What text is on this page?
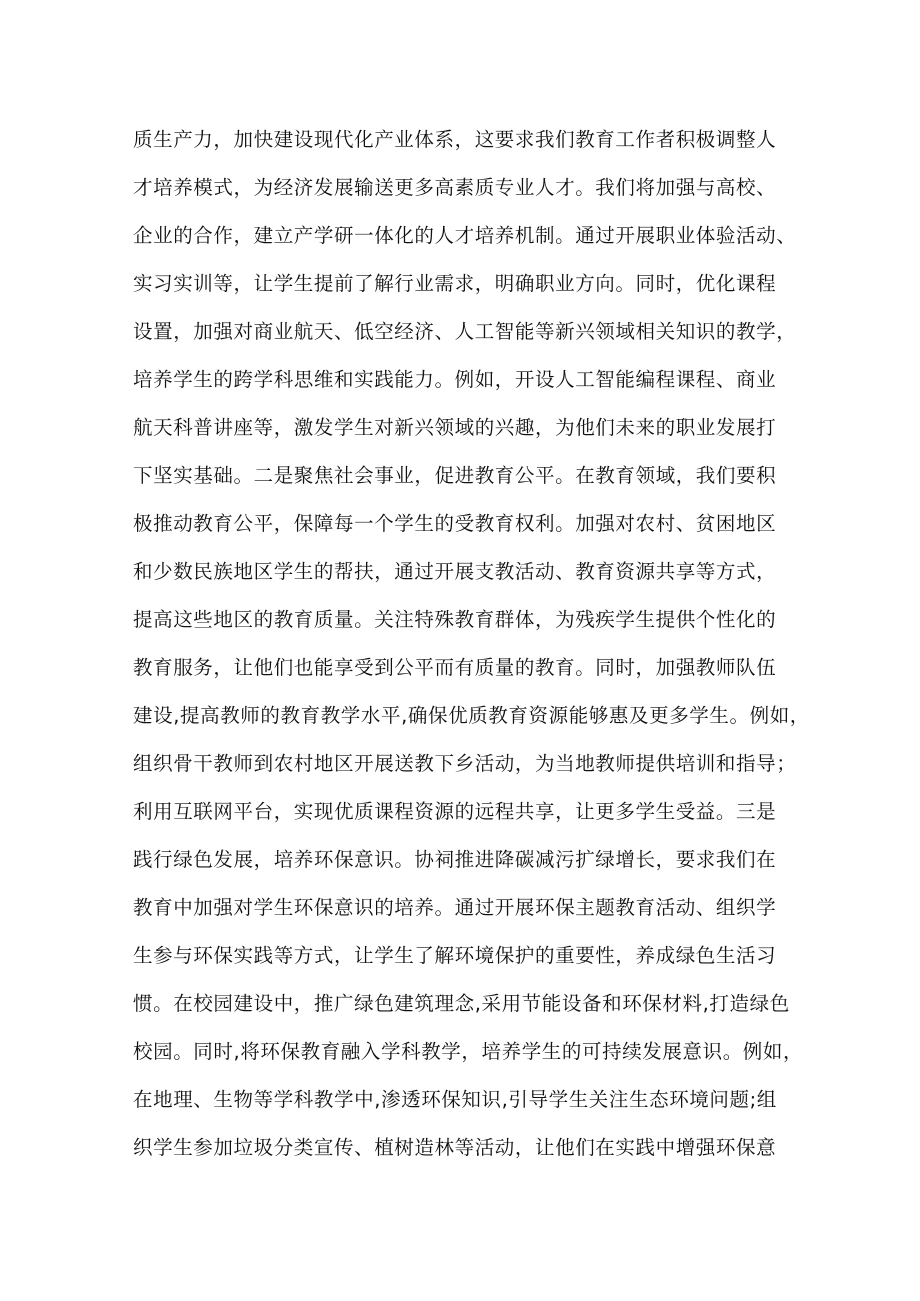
质生产力，加快建设现代化产业体系，这要求我们教育工作者积极调整人
才培养模式，为经济发展输送更多高素质专业人才。我们将加强与高校、
企业的合作，建立产学研一体化的人才培养机制。通过开展职业体验活动、
实习实训等，让学生提前了解行业需求，明确职业方向。同时，优化课程
设置，加强对商业航天、低空经济、人工智能等新兴领域相关知识的教学，
培养学生的跨学科思维和实践能力。例如，开设人工智能编程课程、商业
航天科普讲座等，激发学生对新兴领域的兴趣，为他们未来的职业发展打
下坚实基础。二是聚焦社会事业，促进教育公平。在教育领域，我们要积
极推动教育公平，保障每一个学生的受教育权利。加强对农村、贫困地区
和少数民族地区学生的帮扶，通过开展支教活动、教育资源共享等方式，
提高这些地区的教育质量。关注特殊教育群体，为残疾学生提供个性化的
教育服务，让他们也能享受到公平而有质量的教育。同时，加强教师队伍
建设,提高教师的教育教学水平,确保优质教育资源能够惠及更多学生。例如，
组织骨干教师到农村地区开展送教下乡活动，为当地教师提供培训和指导；
利用互联网平台，实现优质课程资源的远程共享，让更多学生受益。三是
践行绿色发展，培养环保意识。协祠推进降碳减污扩绿增长，要求我们在
教育中加强对学生环保意识的培养。通过开展环保主题教育活动、组织学
生参与环保实践等方式，让学生了解环境保护的重要性，养成绿色生活习
惯。在校园建设中，推广绿色建筑理念,采用节能设备和环保材料,打造绿色
校园。同时,将环保教育融入学科教学，培养学生的可持续发展意识。例如，
在地理、生物等学科教学中,渗透环保知识,引导学生关注生态环境问题;组
织学生参加垃圾分类宣传、植树造林等活动，让他们在实践中增强环保意
